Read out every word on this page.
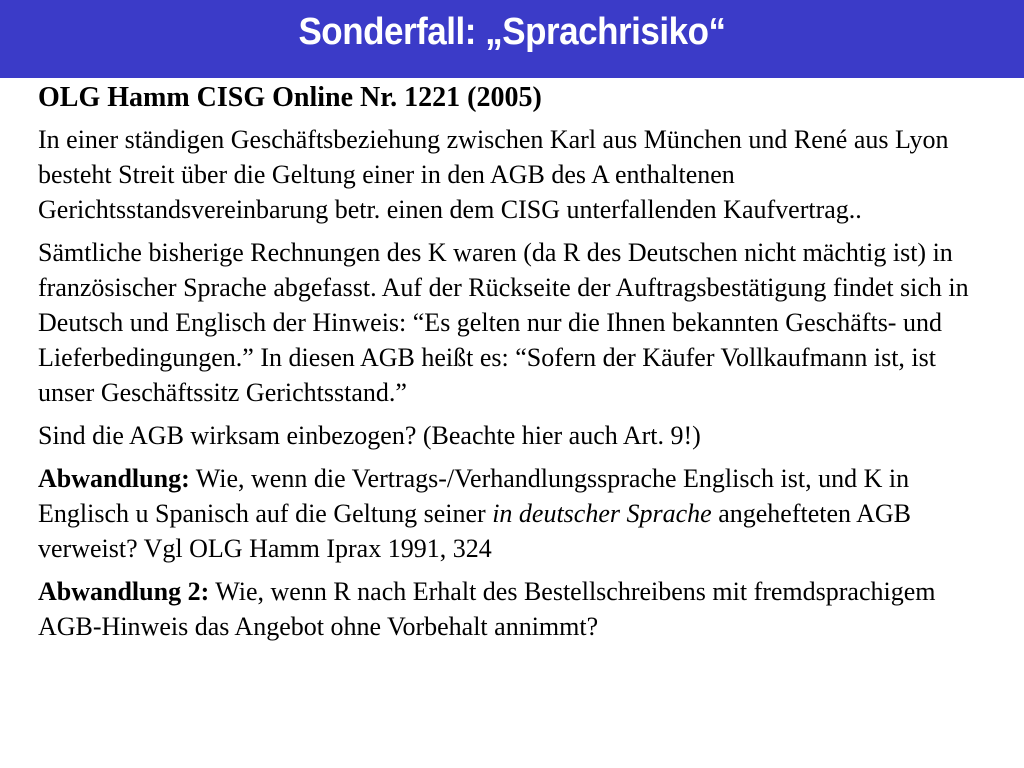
Sonderfall: „Sprachrisiko“
OLG Hamm CISG Online Nr. 1221 (2005)
In einer ständigen Geschäftsbeziehung zwischen Karl aus München und René aus Lyon besteht Streit über die Geltung einer in den AGB des A enthaltenen Gerichtsstandsvereinbarung betr. einen dem CISG unterfallenden Kaufvertrag..
Sämtliche bisherige Rechnungen des K waren (da R des Deutschen nicht mächtig ist) in französischer Sprache abgefasst. Auf der Rückseite der Auftragsbestätigung findet sich in Deutsch und Englisch der Hinweis: “Es gelten nur die Ihnen bekannten Geschäfts- und Lieferbedingungen.” In diesen AGB heißt es: “Sofern der Käufer Vollkaufmann ist, ist unser Geschäftssitz Gerichtsstand.”
Sind die AGB wirksam einbezogen? (Beachte hier auch Art. 9!)
Abwandlung: Wie, wenn die Vertrags-/Verhandlungssprache Englisch ist, und K in Englisch u Spanisch auf die Geltung seiner in deutscher Sprache angehefteten AGB verweist? Vgl OLG Hamm Iprax 1991, 324
Abwandlung 2: Wie, wenn R nach Erhalt des Bestellschreibens mit fremdsprachigem AGB-Hinweis das Angebot ohne Vorbehalt annimmt?
